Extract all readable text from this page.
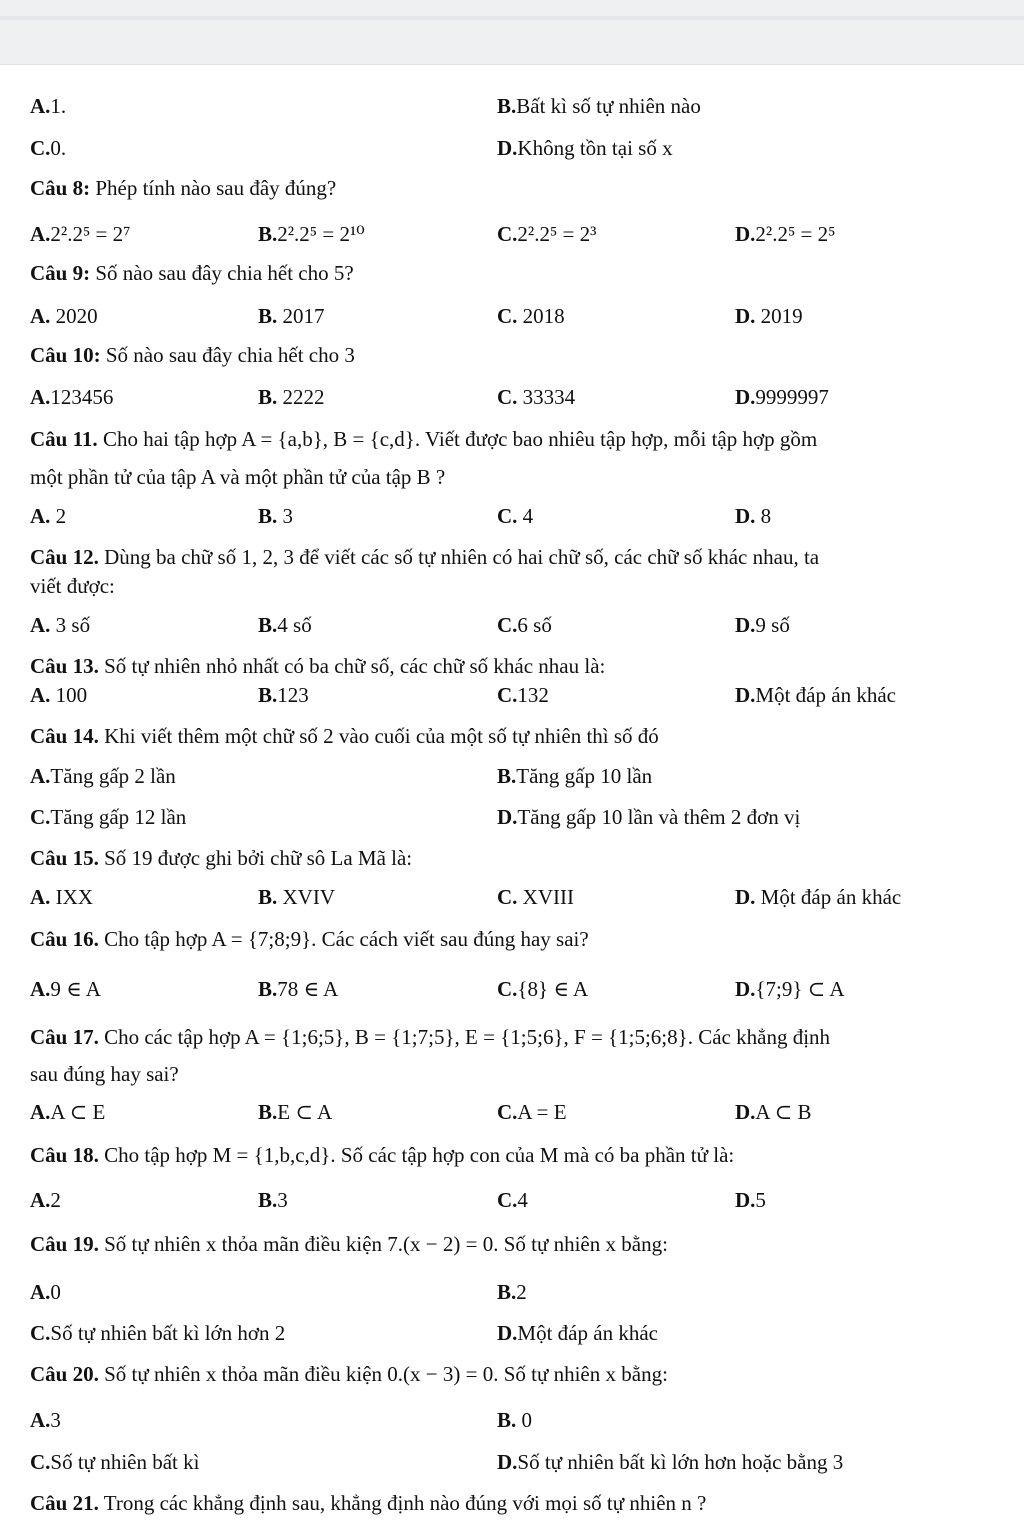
A.1.	B.Bất kì số tự nhiên nào
C.0.	D.Không tồn tại số x
Câu 8: Phép tính nào sau đây đúng?
A.2².2⁵ = 2⁷	B.2².2⁵ = 2¹⁰	C.2².2⁵ = 2³	D.2².2⁵ = 2⁵
Câu 9: Số nào sau đây chia hết cho 5?
A. 2020	B. 2017	C. 2018	D. 2019
Câu 10: Số nào sau đây chia hết cho 3
A.123456	B. 2222	C. 33334	D.9999997
Câu 11. Cho hai tập hợp A = {a,b}, B = {c,d}. Viết được bao nhiêu tập hợp, mỗi tập hợp gồm
một phần tử của tập A và một phần tử của tập B ?
A. 2	B. 3	C. 4	D. 8
Câu 12. Dùng ba chữ số 1, 2, 3 để viết các số tự nhiên có hai chữ số, các chữ số khác nhau, ta
viết được:
A. 3 số	B.4 số	C.6 số	D.9 số
Câu 13. Số tự nhiên nhỏ nhất có ba chữ số, các chữ số khác nhau là:
A. 100	B.123	C.132	D.Một đáp án khác
Câu 14. Khi viết thêm một chữ số 2 vào cuối của một số tự nhiên thì số đó
A.Tăng gấp 2 lần	B.Tăng gấp 10 lần
C.Tăng gấp 12 lần	D.Tăng gấp 10 lần và thêm 2 đơn vị
Câu 15. Số 19 được ghi bởi chữ sô La Mã là:
A. IXX	B. XVIV	C. XVIII	D. Một đáp án khác
Câu 16. Cho tập hợp A = {7;8;9}. Các cách viết sau đúng hay sai?
A.9 ∈ A	B.78 ∈ A	C.{8} ∈ A	D.{7;9} ⊂ A
Câu 17. Cho các tập hợp A = {1;6;5}, B = {1;7;5}, E = {1;5;6}, F = {1;5;6;8}. Các khẳng định
sau đúng hay sai?
A.A ⊂ E	B.E ⊂ A	C.A = E	D.A ⊂ B
Câu 18. Cho tập hợp M = {1,b,c,d}. Số các tập hợp con của M mà có ba phần tử là:
A.2	B.3	C.4	D.5
Câu 19. Số tự nhiên x thỏa mãn điều kiện 7.(x − 2) = 0. Số tự nhiên x bằng:
A.0	B.2
C.Số tự nhiên bất kì lớn hơn 2	D.Một đáp án khác
Câu 20. Số tự nhiên x thỏa mãn điều kiện 0.(x − 3) = 0. Số tự nhiên x bằng:
A.3	B. 0
C.Số tự nhiên bất kì	D.Số tự nhiên bất kì lớn hơn hoặc bằng 3
Câu 21. Trong các khẳng định sau, khẳng định nào đúng với mọi số tự nhiên n ?
